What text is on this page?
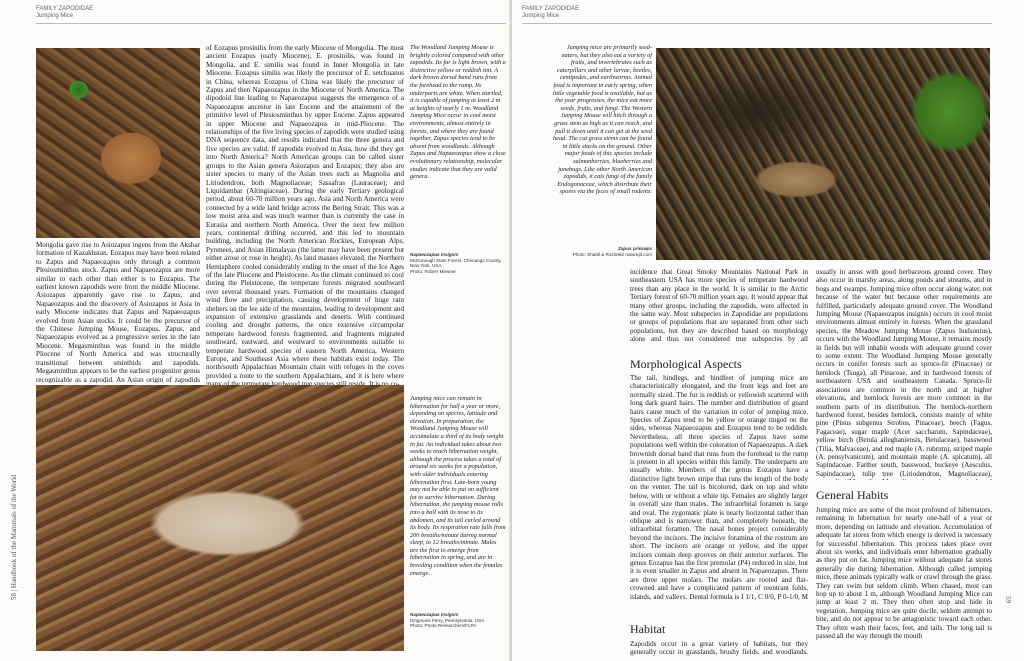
FAMILY ZAPODIDAE
Jumping Mice
58 | Handbook of the Mammals of the World
of Eozapus prosinilis from the early Miocene of Mongolia. The most ancient Eozapus (early Miocene), E. prosinilis, was found in Mongolia, and E. similis was found in Inner Mongolia in late Miocene. Eozapus similis was likely the precursor of E. setchuanus in China, whereas Eozapus of China was likely the precursor of Zapus and then Napaeozapus in the Miocene of North America. The dipodoid line leading to Napaeozapus suggests the emergence of a Napaeozapus ancestor in late Eocene and the attainment of the primitive level of Plesiosminthus by upper Eocene. Zapus appeared in upper Miocene and Napaeozapus in mid-Pliocene. The relationships of the five living species of zapodids were studied using DNA sequence data, and results indicated that the three genera and five species are valid. If zapodids evolved in Asia, how did they get into North America? North American groups can be called sister groups to the Asian genera Asiozapus and Eozapus; they also are sister species to many of the Asian trees such as Magnolia and Liriodendron, both Magnoliaceae; Sassafras (Lauraceae); and Liquidambar (Altingiaceae). During the early Tertiary geological period, about 60-70 million years ago, Asia and North America were connected by a wide land bridge across the Bering Strait. This was a low moist area and was much warmer than is currently the case in Eurasia and northern North America. Over the next few million years, continental drifting occurred, and this led to mountain building, including the North American Rockies, European Alps, Pyrenees, and Asian Himalayas (the latter may have been present but either arose or rose in height). As land masses elevated, the Northern Hemisphere cooled considerably ending in the onset of the Ice Ages of the late Pliocene and Pleistocene. As the climate continued to cool during the Pleistocene, the temperate forests migrated southward over several thousand years. Formation of the mountains changed wind flow and precipitation, causing development of huge rain shelters on the lee side of the mountains, leading to development and expansion of extensive grasslands and deserts. With continued cooling and drought patterns, the once extensive circumpolar temperate hardwood forests fragmented, and fragments migrated southward, eastward, and westward to environments suitable to temperate hardwood species of eastern North America, Western Europe, and Southeast Asia where these habitats exist today. The north/south Appalachian Mountain chain with refuges in the coves provided a route to the southern Appalachians, and it is here where
The Woodland Jumping Mouse is brightly colored compared with other zapodids. Its fur is light brown, with a distinctive yellow or reddish tint. A dark brown dorsal band runs from the forehead to the rump. Its underparts are white. When startled, it is capable of jumping at least 2 m at heights of nearly 1 m. Woodland Jumping Mice occur in cool moist environments, almost entirely in forests, and where they are found together, Zapus species tend to be absent from woodlands. Although Zapus and Napaeozapus show a close evolutionary relationship, molecular studies indicate that they are valid genera.
Napaeozapus insignis
McDonough State Forest, Chenango County, New York, USA.
Photo: Robert Miesner
Mongolia gave rise to Asiozapus ingens from the Akshar formation of Kazakhstan. Eozapus may have been related to Zapus and Napaeozapus only through a common Plesiosminthus stock. Zapus and Napaeozapus are more similar to each other than either is to Eozapus. The earliest known zapodids were from the middle Miocene. Asiozapus apparently gave rise to Zapus, and Napaeozapus and the discovery of Asiozapus in Asia in early Miocene indicates that Zapus and Napaeozapus evolved from Asian stocks. It could be the precursor of the Chinese Jumping Mouse, Eozapus, Zapus, and Napaeozapus evolved as a progressive series in the late Miocene. Megasminthus was found in the middle Pliocene of North America and was structurally transitional between sminthids and zapodids. Megasminthus appears to be the earliest progenitor genus recognizable as a zapodid. An Asian origin of zapodids
Jumping mice can remain in hibernation for half a year or more, depending on species, latitude and elevation. In preparation, the Woodland Jumping Mouse will accumulate a third of its body weight in fat. An individual takes about two weeks to reach hibernation weight, although the process takes a total of around six weeks for a population, with older individuals entering hibernation first. Late-born young may not be able to put on sufficient fat to survive hibernation. During hibernation, the jumping mouse rolls into a ball with its nose to its abdomen, and its tail curled around its body. Its respiration rate falls from 200 breaths/minute during normal sleep, to 12 breaths/minute. Males are the first to emerge from hibernation in spring, and are in breeding condition when the females emerge.
Napaeozapus insignis
Dingmans Ferry, Pennsylvania, USA.
Photo: Photo Researchers/FLPA
FAMILY ZAPODIDAE
Jumping Mice
59
Jumping mice are primarily seed-eaters, but they also eat a variety of fruits, and invertebrates such as caterpillars and other larvae, beetles, centipedes, and earthworms. Animal food is important in early spring, when little vegetable food is available, but as the year progresses, the mice eat more seeds, fruits, and fungi. The Western Jumping Mouse will hitch through a grass stem as high as it can reach, and pull it down until it can get at the seed head. The cut grass stems can be found in little stacks on the ground. Other major foods of this species include salmonberries, blueberries and junebugs. Like other North American zapodids, it eats fungi of the family Endogonaceae, which distribute their spores via the feces of small rodents.
Zapus princeps
Photo: Shattil & Rozinski/ naturepl.com
incidence that Great Smoky Mountains National Park in southeastern USA has more species of temperate hardwood trees than any place in the world. It is similar to the Arctic Tertiary forest of 60-70 million years ago. It would appear that many other groups, including the zapodids, were affected in the same way. Most subspecies in Zapodidae are populations or groups of populations that are separated from other such populations, but they are described based on morphology alone and thus not considered true subspecies by all
Morphological Aspects
The tail, hindlegs, and hindfeet of jumping mice are characteristically elongated, and the front legs and feet are normally sized. The fur is reddish or yellowish scattered with long dark guard hairs. The number and distribution of guard hairs cause much of the variation in color of jumping mice. Species of Zapus tend to be yellow or orange tinged on the sides, whereas Napaeozapus and Eozapus tend to be reddish. Nevertheless, all three species of Zapus have some populations well within the coloration of Napaeozapus. A dark brownish dorsal band that runs from the forehead to the rump is present in all species within this family. The underparts are usually white. Members of the genus Eozapus have a distinctive light brown stripe that runs the length of the body on the venter. The tail is bicolored, dark on top and white below, with or without a white tip. Females are slightly larger in overall size than males. The infraorbital foramen is large and oval. The zygomatic plate is nearly horizontal rather than oblique and is narrower than, and completely beneath, the infraorbital foramen. The nasal bones project considerably beyond the incisors. The incisive foramina of the rostrum are short. The incisors are orange or yellow, and the upper incisors contain deep grooves on their anterior surfaces. The genus Eozapus has the first premolar (P4) reduced in size, but it is even smaller in Zapus and absent in Napaeozapus. There are three upper molars. The molars are rooted and flat-crowned and have a complicated pattern of reentrant folds, islands, and valleys. Dental formula is I 1/1, C 0/0, P 0-1/0, M
Habitat
Zapodids occur in a great variety of habitats, but they generally occur in grasslands, brushy fields, and woodlands.
usually in areas with good herbaceous ground cover. They also occur in marshy areas, along ponds and streams, and in bogs and swamps. Jumping mice often occur along water, not because of the water but because other requirements are fulfilled, particularly adequate ground cover. The Woodland Jumping Mouse (Napaeozapus insignis) occurs in cool moist environments almost entirely in forests. When the grassland species, the Meadow Jumping Mouse (Zapus hudsonius), occurs with the Woodland Jumping Mouse, it remains mostly in fields but will inhabit woods with adequate ground cover to some extent. The Woodland Jumping Mouse generally occurs in conifer forests such as spruce-fir (Pinaceae) or hemlock (Tsuga), all Pinaceae, and in hardwood forests of northeastern USA and southeastern Canada. Spruce-fir associations are common in the north and at higher elevations, and hemlock forests are more common in the southern parts of its distribution. The hemlock-northern hardwood forest, besides hemlock, consists mainly of white pine (Pinus subgenus Strobus, Pinaceae), beech (Fagus, Fagaceae), sugar maple (Acer saccharum, Sapindaceae), yellow birch (Betula alleghaniensis, Betulaceae), basswood (Tilia, Malvaceae), and red maple (A. rubrum), striped maple (A. pensylvanicum), and mountain maple (A. spicatum), all Sapindaceae. Farther south, basswood, buckeye (Aesculus, Sapindaceae), tulip tree (Liriodendron, Magnoliaceae),
General Habits
Jumping mice are some of the most profound of hibernators, remaining in hibernation for nearly one-half of a year or more, depending on latitude and elevation. Accumulation of adequate fat stores from which energy is derived is necessary for successful hibernation. This process takes place over about six weeks, and individuals enter hibernation gradually as they put on fat. Jumping mice without adequate fat stores generally die during hibernation. Although called jumping mice, these animals typically walk or crawl through the grass. They can swim but seldom climb. When chased, most can hop up to about 1 m, although Woodland Jumping Mice can jump at least 2 m. They then often stop and hide in vegetation. Jumping mice are quite docile, seldom attempt to bite, and do not appear to be antagonistic toward each other. They often wash their faces, feet, and tails. The long tail is passed all the way through the mouth
